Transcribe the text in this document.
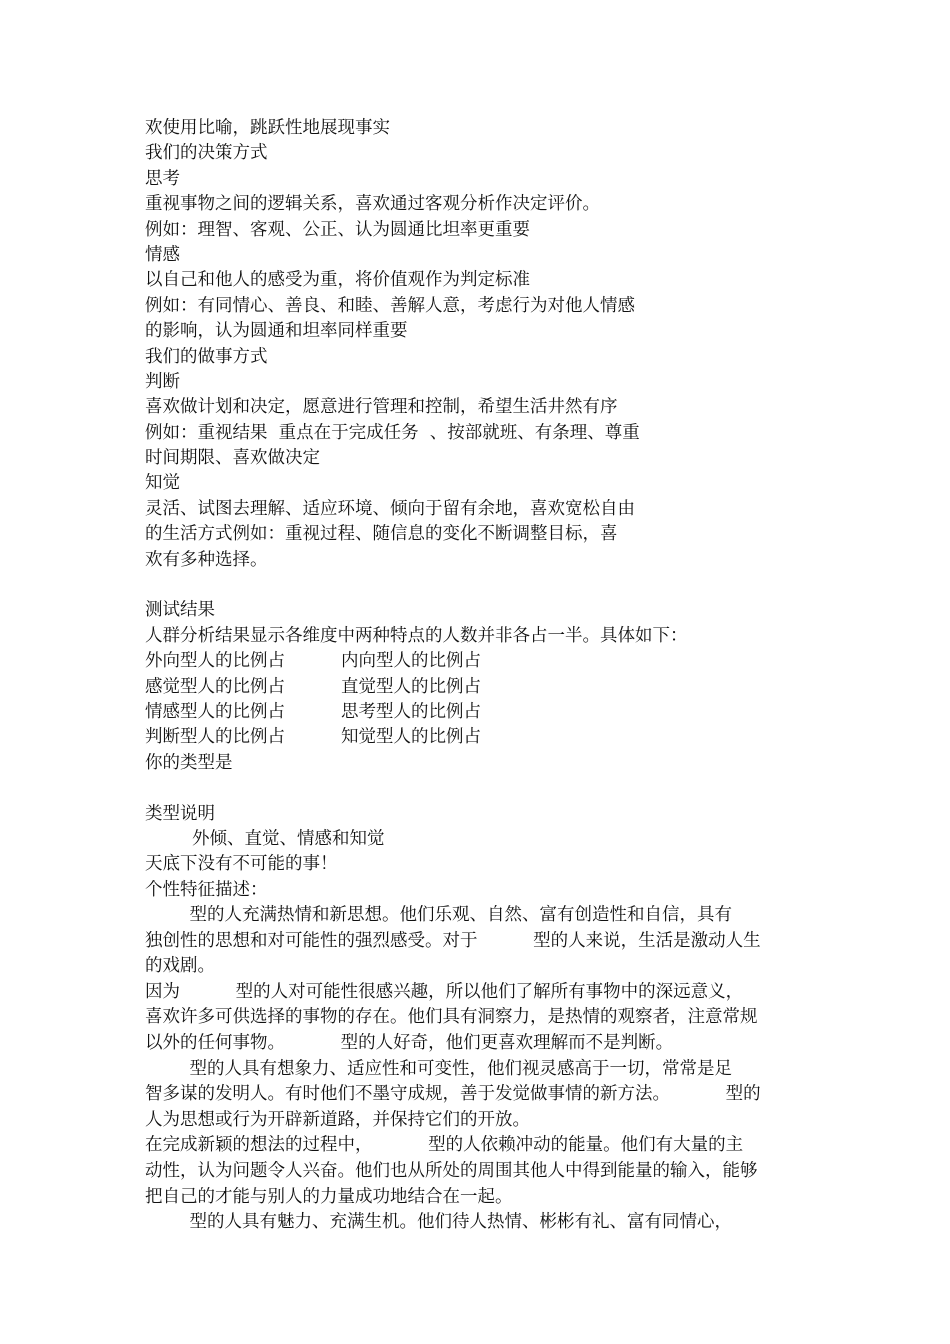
欢使用比喻，跳跃性地展现事实
我们的决策方式
思考
重视事物之间的逻辑关系，喜欢通过客观分析作决定评价。
例如：理智、客观、公正、认为圆通比坦率更重要
情感
以自己和他人的感受为重，将价值观作为判定标准
例如：有同情心、善良、和睦、善解人意，考虑行为对他人情感
的影响，认为圆通和坦率同样重要
我们的做事方式
判断
喜欢做计划和决定，愿意进行管理和控制，希望生活井然有序
例如：重视结果  重点在于完成任务  、按部就班、有条理、尊重
时间期限、喜欢做决定
知觉
灵活、试图去理解、适应环境、倾向于留有余地，喜欢宽松自由
的生活方式例如：重视过程、随信息的变化不断调整目标，喜
欢有多种选择。
测试结果
人群分析结果显示各维度中两种特点的人数并非各占一半。具体如下：
外向型人的比例占	内向型人的比例占
感觉型人的比例占	直觉型人的比例占
情感型人的比例占	思考型人的比例占
判断型人的比例占	知觉型人的比例占
你的类型是
类型说明
外倾、直觉、情感和知觉
天底下没有不可能的事！
个性特征描述：
型的人充满热情和新思想。他们乐观、自然、富有创造性和自信，具有
独创性的思想和对可能性的强烈感受。对于          型的人来说，生活是激动人生
的戏剧。
因为          型的人对可能性很感兴趣，所以他们了解所有事物中的深远意义，
喜欢许多可供选择的事物的存在。他们具有洞察力，是热情的观察者，注意常规
以外的任何事物。          型的人好奇，他们更喜欢理解而不是判断。
型的人具有想象力、适应性和可变性，他们视灵感高于一切，常常是足
智多谋的发明人。有时他们不墨守成规，善于发觉做事情的新方法。          型的
人为思想或行为开辟新道路，并保持它们的开放。
在完成新颖的想法的过程中，          型的人依赖冲动的能量。他们有大量的主
动性，认为问题令人兴奋。他们也从所处的周围其他人中得到能量的输入，能够
把自己的才能与别人的力量成功地结合在一起。
型的人具有魅力、充满生机。他们待人热情、彬彬有礼、富有同情心，
